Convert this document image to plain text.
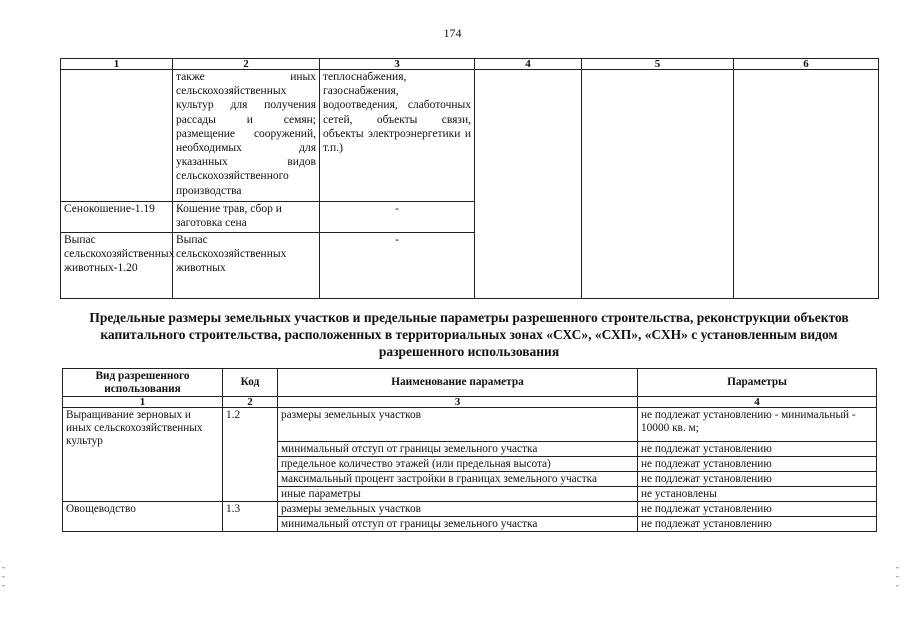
174
1	2	3	4	5	6
	также иных сельскохозяйственных культур для получения рассады и семян; размещение сооружений, необходимых для указанных видов сельскохозяйственного производства	теплоснабжения, газоснабжения, водоотведения, слаботочных сетей, объекты связи, объекты электроэнергетики и т.п.)			
Сенокошение-1.19	Кошение трав, сбор и заготовка сена	-			
Выпас сельскохозяйственных животных-1.20	Выпас сельскохозяйственных животных	-			
Предельные размеры земельных участков и предельные параметры разрешенного строительства, реконструкции объектов капитального строительства, расположенных в территориальных зонах «СХС», «СХП», «СХН» с установленным видом разрешенного использования
Вид разрешенного использования	Код	Наименование параметра	Параметры
1	2	3	4
Выращивание зерновых и иных сельскохозяйственных культур	1.2	размеры земельных участков	не подлежат установлению - минимальный - 10000 кв. м;
		минимальный отступ от границы земельного участка	не подлежат установлению
		предельное количество этажей (или предельная высота)	не подлежат установлению
		максимальный процент застройки в границах земельного участка	не подлежат установлению
		иные параметры	не установлены
Овощеводство	1.3	размеры земельных участков	не подлежат установлению
		минимальный отступ от границы земельного участка	не подлежат установлению
-
-
-
-
-
-
